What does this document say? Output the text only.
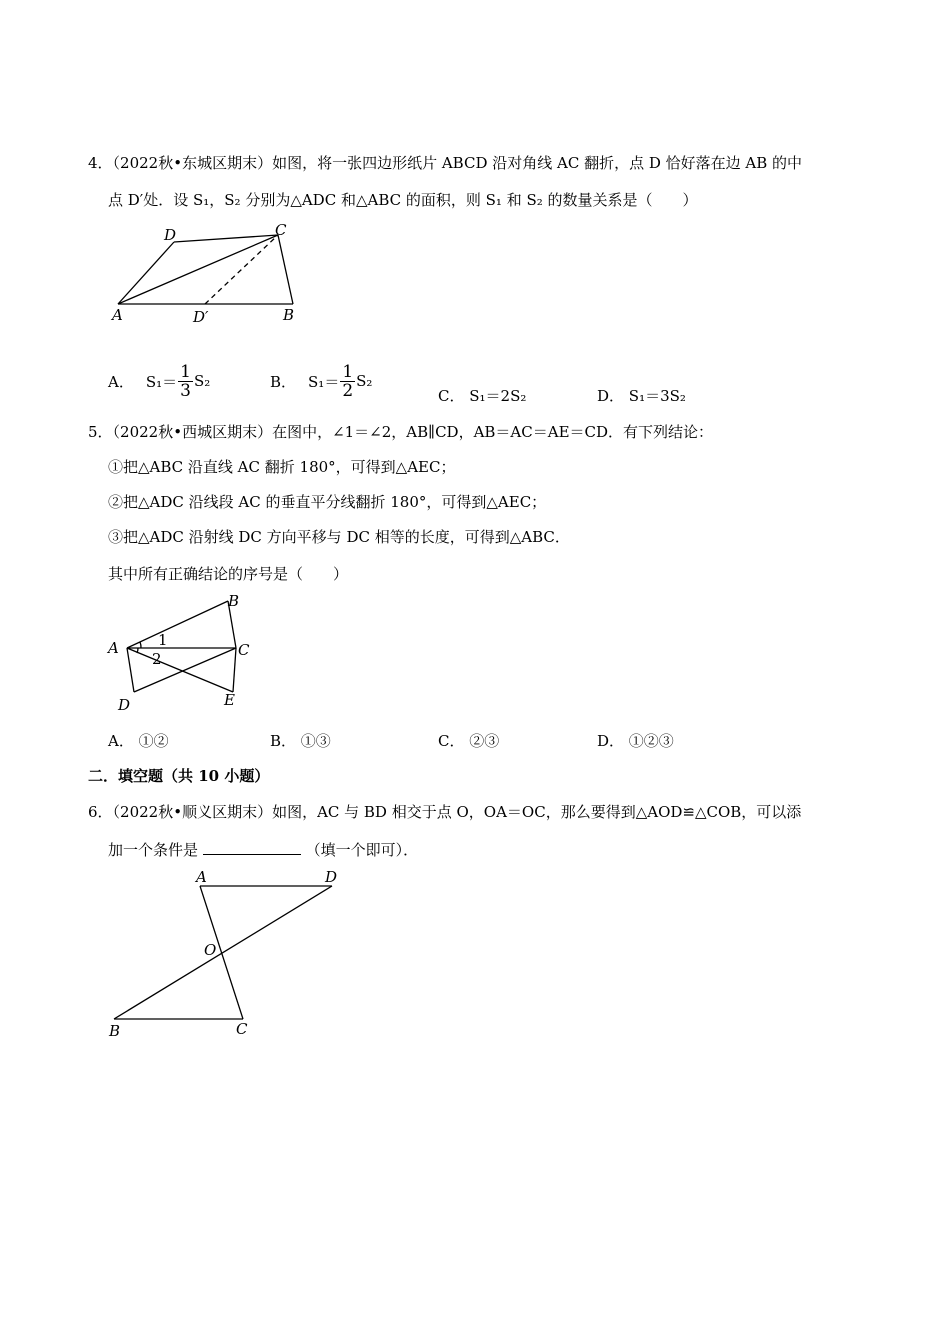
4．（2022秋•东城区期末）如图，将一张四边形纸片 ABCD 沿对角线 AC 翻折，点 D 恰好落在边 AB 的中
点 D′处．设 S₁，S₂ 分别为△ADC 和△ABC 的面积，则 S₁ 和 S₂ 的数量关系是（　　）
A	B
C
D
D′
A． $S_1= \frac{1}{3} S_2$	B． $S_1= \frac{1}{2} S_2$
C． S₁＝2S₂	D． S₁＝3S₂
5．（2022秋•西城区期末）在图中，∠1＝∠2，AB∥CD，AB＝AC＝AE＝CD．有下列结论：
①把△ABC 沿直线 AC 翻折 180°，可得到△AEC；
②把△ADC 沿线段 AC 的垂直平分线翻折 180°，可得到△AEC；
③把△ADC 沿射线 DC 方向平移与 DC 相等的长度，可得到△ABC．
其中所有正确结论的序号是（　　）
A
B
C
D	E
1
2
A． ①②	B． ①③	C． ②③	D． ①②③
二．填空题（共 10 小题）
6．（2022秋•顺义区期末）如图，AC 与 BD 相交于点 O，OA＝OC，那么要得到△AOD≌△COB，可以添
加一个条件是	（填一个即可）．
A	D
O
B	C
